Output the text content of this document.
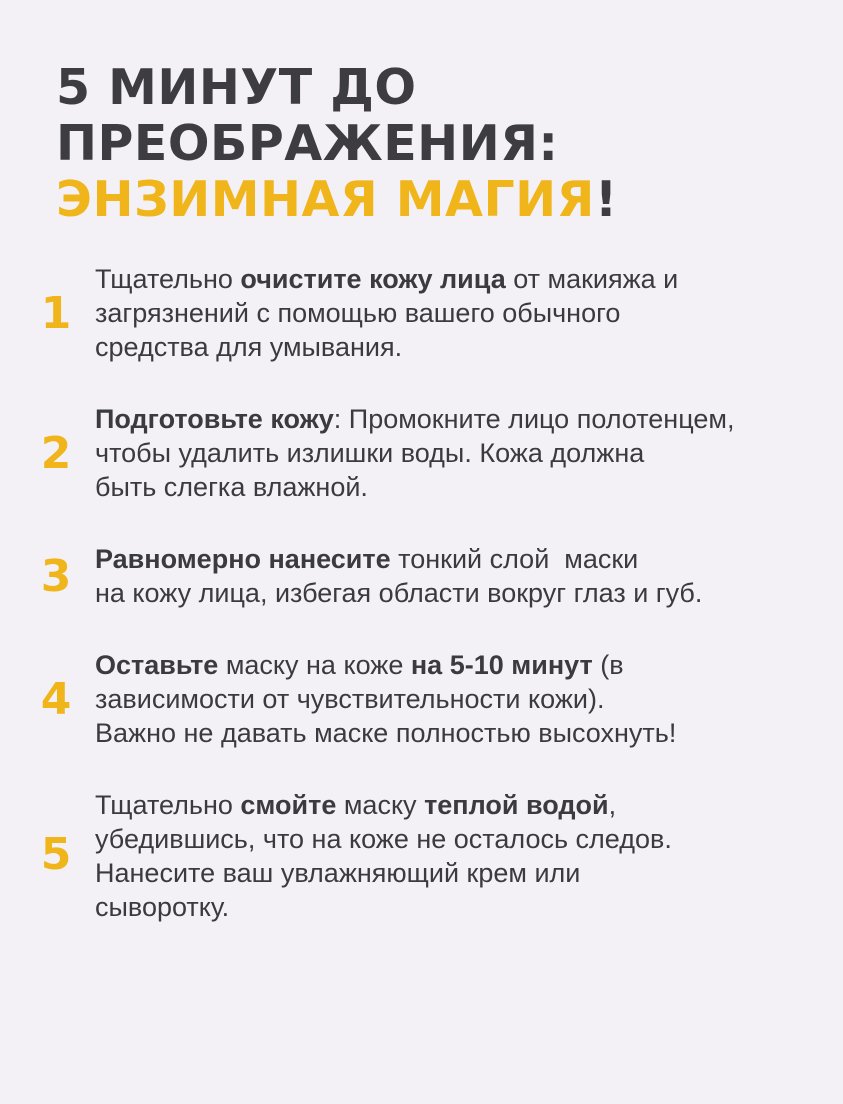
5 МИНУТ ДО
ПРЕОБРАЖЕНИЯ:
ЭНЗИМНАЯ МАГИЯ!
1
Тщательно очистите кожу лица от макияжа и
загрязнений с помощью вашего обычного
средства для умывания.
2
Подготовьте кожу: Промокните лицо полотенцем,
чтобы удалить излишки воды. Кожа должна
быть слегка влажной.
3 Равномерно нанесите тонкий слой  маски
на кожу лица, избегая области вокруг глаз и губ.
4
Оставьте маску на коже на 5-10 минут (в
зависимости от чувствительности кожи).
Важно не давать маске полностью высохнуть!
5
Тщательно смойте маску теплой водой,
убедившись, что на коже не осталось следов.
Нанесите ваш увлажняющий крем или
сыворотку.
